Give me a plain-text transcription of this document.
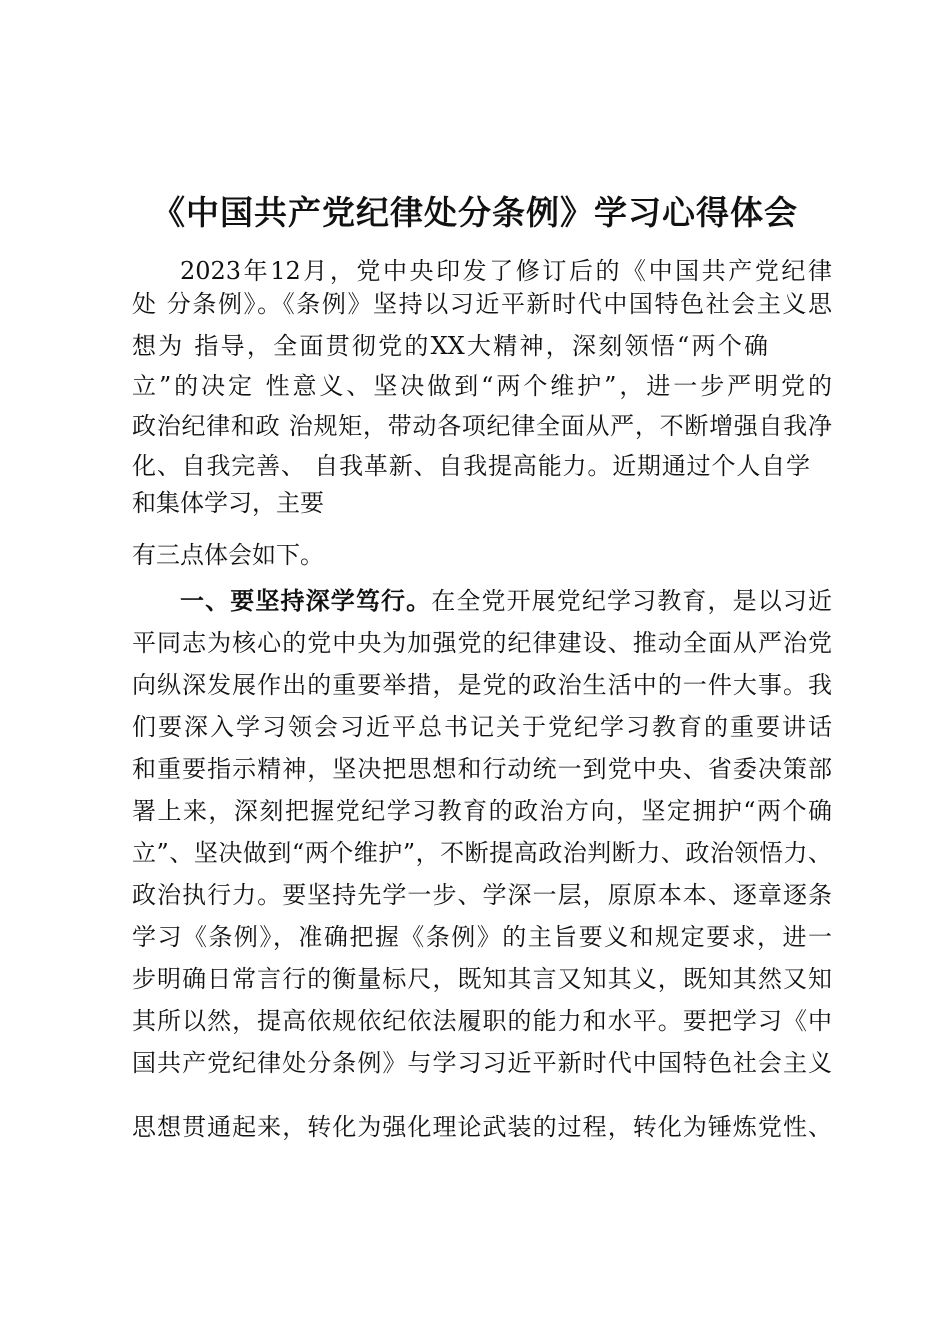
《中国共产党纪律处分条例》学习心得体会
2023年12月，党中央印发了修订后的《中国共产党纪律
处 分条例》。《条例》坚持以习近平新时代中国特色社会主义思
想为 指导，全面贯彻党的XX大精神，深刻领悟“两个确
立”的决定 性意义、坚决做到“两个维护”，进一步严明党的
政治纪律和政 治规矩，带动各项纪律全面从严，不断增强自我净
化、自我完善、 自我革新、自我提高能力。近期通过个人自学
和集体学习，主要
有三点体会如下。
一、要坚持深学笃行。在全党开展党纪学习教育，是以习近
平同志为核心的党中央为加强党的纪律建设、推动全面从严治党
向纵深发展作出的重要举措，是党的政治生活中的一件大事。我
们要深入学习领会习近平总书记关于党纪学习教育的重要讲话
和重要指示精神，坚决把思想和行动统一到党中央、省委决策部
署上来，深刻把握党纪学习教育的政治方向，坚定拥护“两个确
立”、坚决做到“两个维护”，不断提高政治判断力、政治领悟力、
政治执行力。要坚持先学一步、学深一层，原原本本、逐章逐条
学习《条例》，准确把握《条例》的主旨要义和规定要求，进一
步明确日常言行的衡量标尺，既知其言又知其义，既知其然又知
其所以然，提高依规依纪依法履职的能力和水平。要把学习《中
国共产党纪律处分条例》与学习习近平新时代中国特色社会主义
思想贯通起来，转化为强化理论武装的过程，转化为锤炼党性、
